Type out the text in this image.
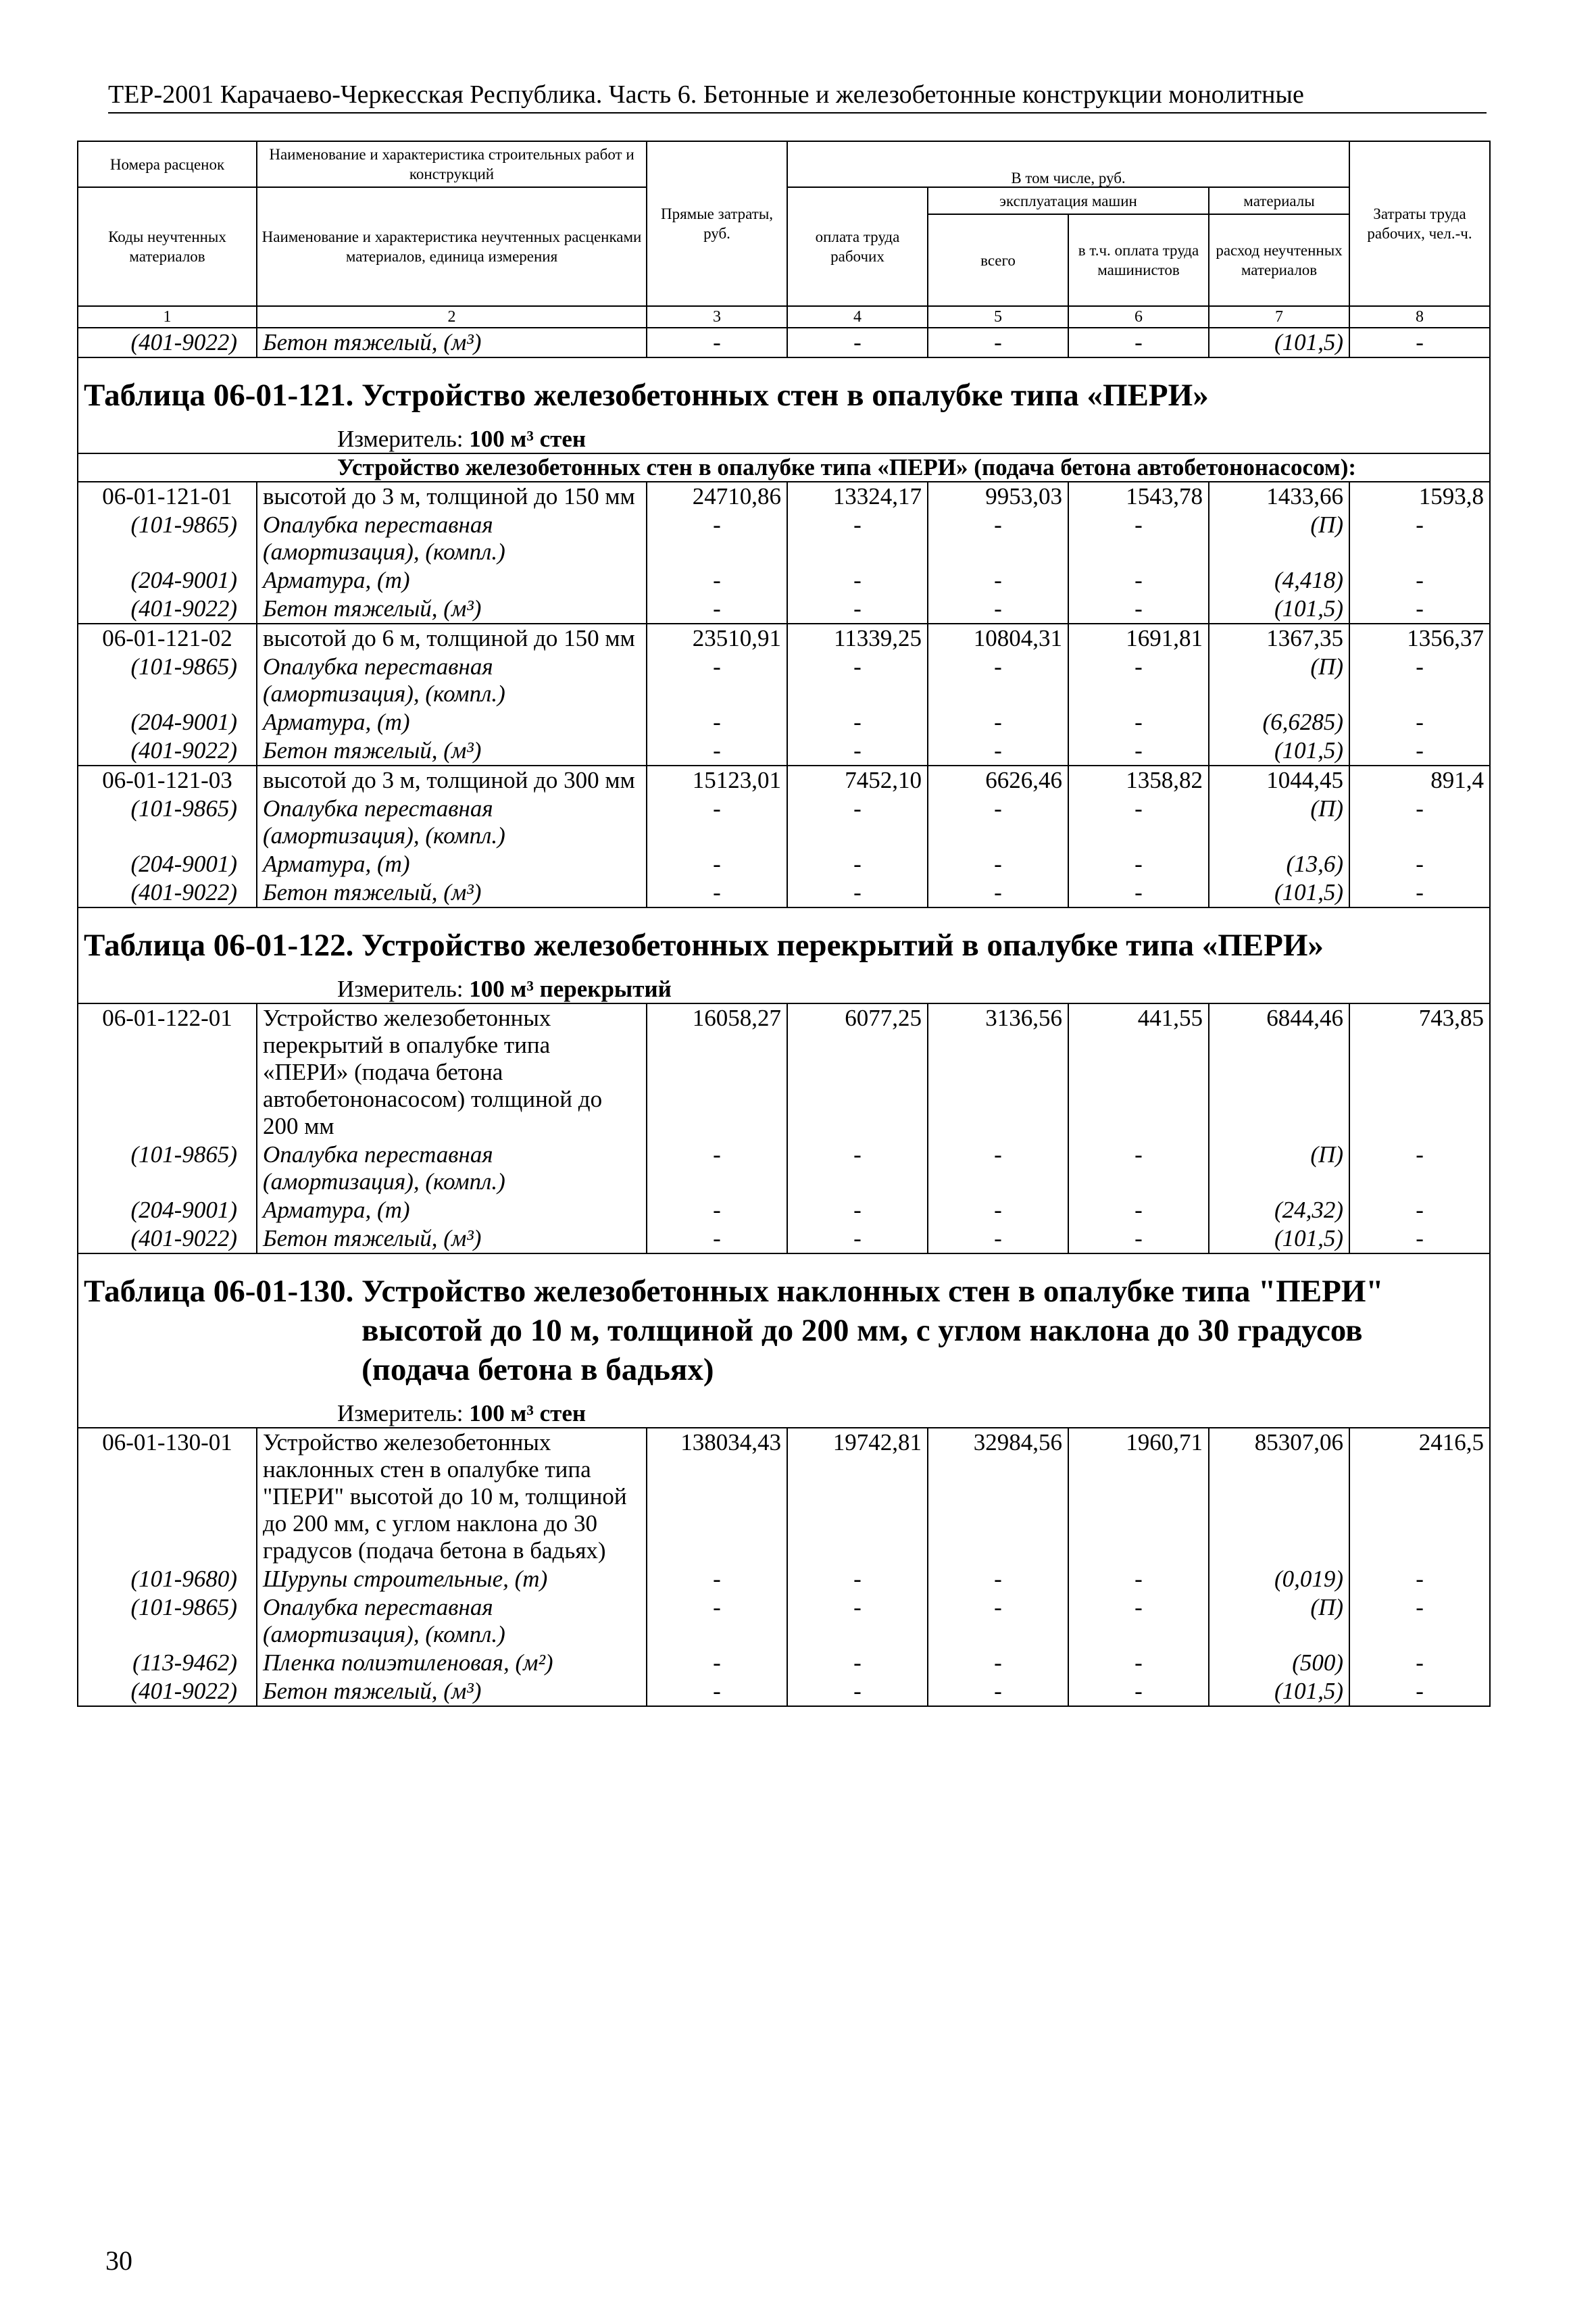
ТЕР-2001 Карачаево-Черкесская Республика. Часть 6. Бетонные и железобетонные конструкции монолитные
Номера расценок	Наименование и характеристика строительных работ и конструкций	Прямые затраты, руб.	В том числе, руб.				Затраты труда рабочих, чел.-ч.
Коды неучтенных материалов	Наименование и характеристика неучтенных расценками материалов, единица измерения		оплата труда рабочих	эксплуатация машин		материалы	
				всего	в т.ч. оплата труда машинистов	расход неучтенных материалов	
1	2	3	4	5	6	7	8
(401-9022)	Бетон тяжелый, (м³)	-	-	-	-	(101,5)	-

Таблица 06-01-121. Устройство железобетонных стен в опалубке типа «ПЕРИ»							

Измеритель: 100 м³ стен							
Устройство железобетонных стен в опалубке типа «ПЕРИ» (подача бетона автобетононасосом):							
06-01-121-01	высотой до 3 м, толщиной до 150 мм	24710,86	13324,17	9953,03	1543,78	1433,66	1593,8
(101-9865)	Опалубка переставная (амортизация), (компл.)	-	-	-	-	(П)	-
(204-9001)	Арматура, (т)	-	-	-	-	(4,418)	-
(401-9022)	Бетон тяжелый, (м³)	-	-	-	-	(101,5)	-
06-01-121-02	высотой до 6 м, толщиной до 150 мм	23510,91	11339,25	10804,31	1691,81	1367,35	1356,37
(101-9865)	Опалубка переставная (амортизация), (компл.)	-	-	-	-	(П)	-
(204-9001)	Арматура, (т)	-	-	-	-	(6,6285)	-
(401-9022)	Бетон тяжелый, (м³)	-	-	-	-	(101,5)	-
06-01-121-03	высотой до 3 м, толщиной до 300 мм	15123,01	7452,10	6626,46	1358,82	1044,45	891,4
(101-9865)	Опалубка переставная (амортизация), (компл.)	-	-	-	-	(П)	-
(204-9001)	Арматура, (т)	-	-	-	-	(13,6)	-
(401-9022)	Бетон тяжелый, (м³)	-	-	-	-	(101,5)	-

Таблица 06-01-122. Устройство железобетонных перекрытий в опалубке типа «ПЕРИ»							

Измеритель: 100 м³ перекрытий							
06-01-122-01	Устройство железобетонных перекрытий в опалубке типа «ПЕРИ» (подача бетона автобетононасосом) толщиной до 200 мм	16058,27	6077,25	3136,56	441,55	6844,46	743,85
(101-9865)	Опалубка переставная (амортизация), (компл.)	-	-	-	-	(П)	-
(204-9001)	Арматура, (т)	-	-	-	-	(24,32)	-
(401-9022)	Бетон тяжелый, (м³)	-	-	-	-	(101,5)	-

Таблица 06-01-130. Устройство железобетонных наклонных стен в опалубке типа "ПЕРИ"
высотой до 10 м, толщиной до 200 мм, с углом наклона до 30 градусов
(подача бетона в бадьях)							

Измеритель: 100 м³ стен							
06-01-130-01	Устройство железобетонных наклонных стен в опалубке типа "ПЕРИ" высотой до 10 м, толщиной до 200 мм, с углом наклона до 30 градусов (подача бетона в бадьях)	138034,43	19742,81	32984,56	1960,71	85307,06	2416,5
(101-9680)	Шурупы строительные, (т)	-	-	-	-	(0,019)	-
(101-9865)	Опалубка переставная (амортизация), (компл.)	-	-	-	-	(П)	-
(113-9462)	Пленка полиэтиленовая, (м²)	-	-	-	-	(500)	-
(401-9022)	Бетон тяжелый, (м³)	-	-	-	-	(101,5)	-
30
